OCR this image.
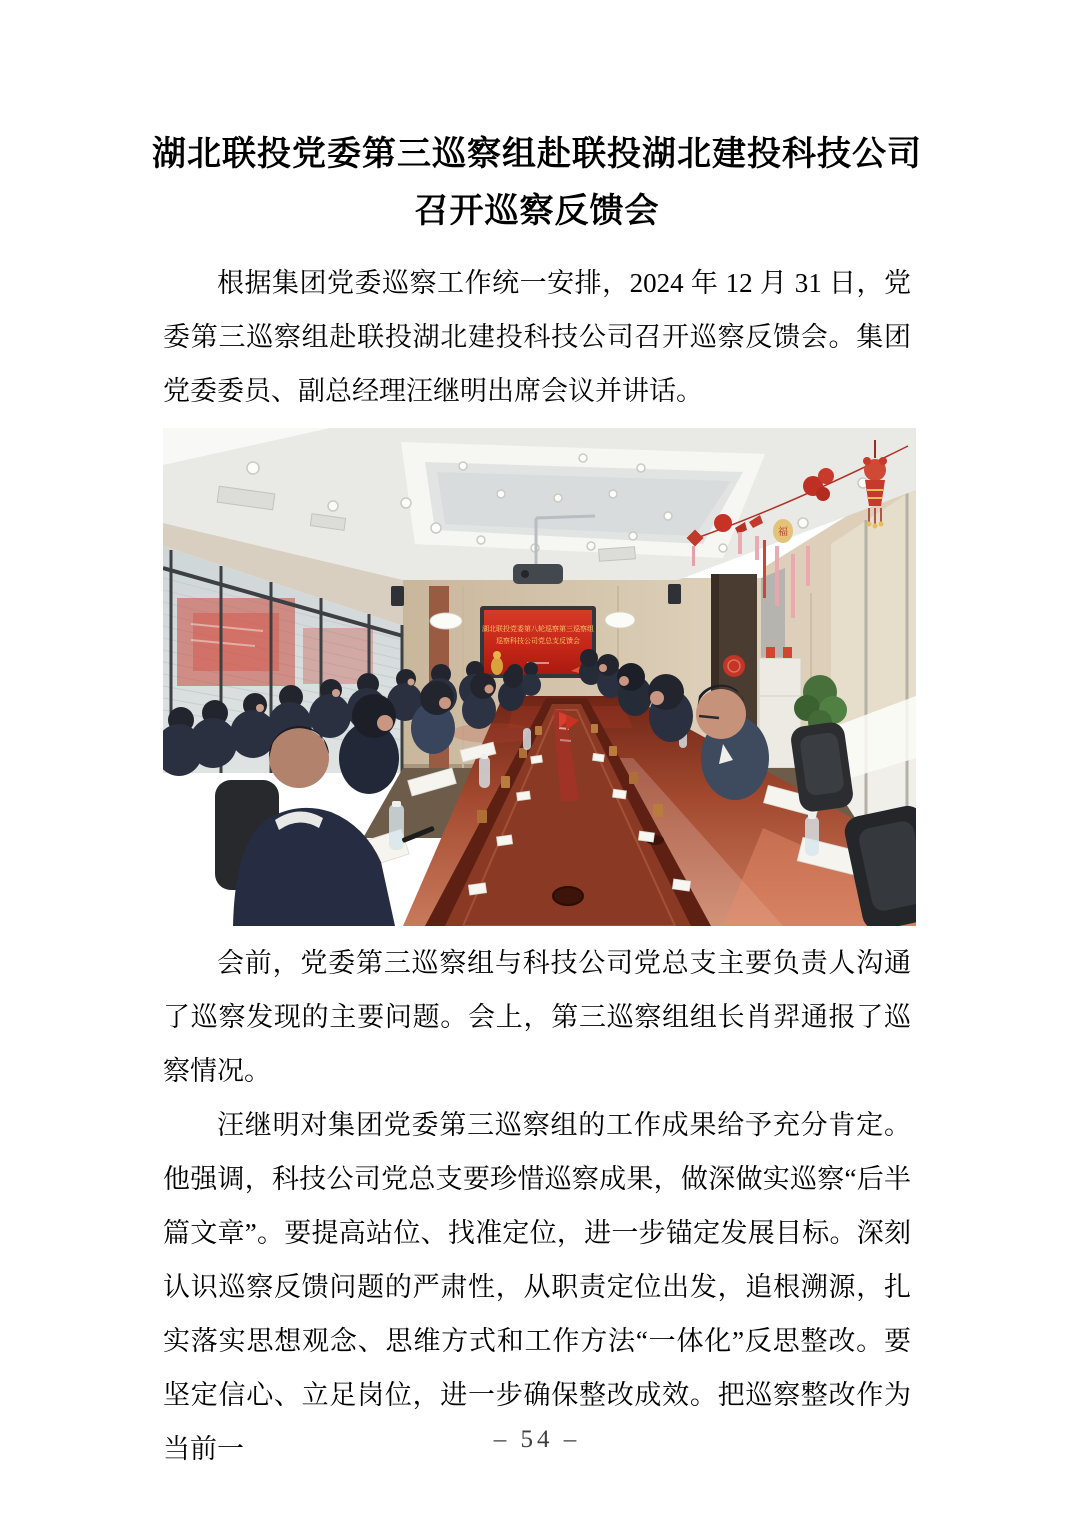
湖北联投党委第三巡察组赴联投湖北建投科技公司
召开巡察反馈会

根据集团党委巡察工作统一安排，2024 年 12 月 31 日，党委第三巡察组赴联投湖北建投科技公司召开巡察反馈会。集团党委委员、副总经理汪继明出席会议并讲话。

湖北联投党委第八轮巡察第三巡察组
巡察科技公司党总支反馈会
福

会前，党委第三巡察组与科技公司党总支主要负责人沟通了巡察发现的主要问题。会上，第三巡察组组长肖羿通报了巡察情况。

汪继明对集团党委第三巡察组的工作成果给予充分肯定。他强调，科技公司党总支要珍惜巡察成果，做深做实巡察“后半篇文章”。要提高站位、找准定位，进一步锚定发展目标。深刻认识巡察反馈问题的严肃性，从职责定位出发，追根溯源，扎实落实思想观念、思维方式和工作方法“一体化”反思整改。要坚定信心、立足岗位，进一步确保整改成效。把巡察整改作为当前一	– 54 –
